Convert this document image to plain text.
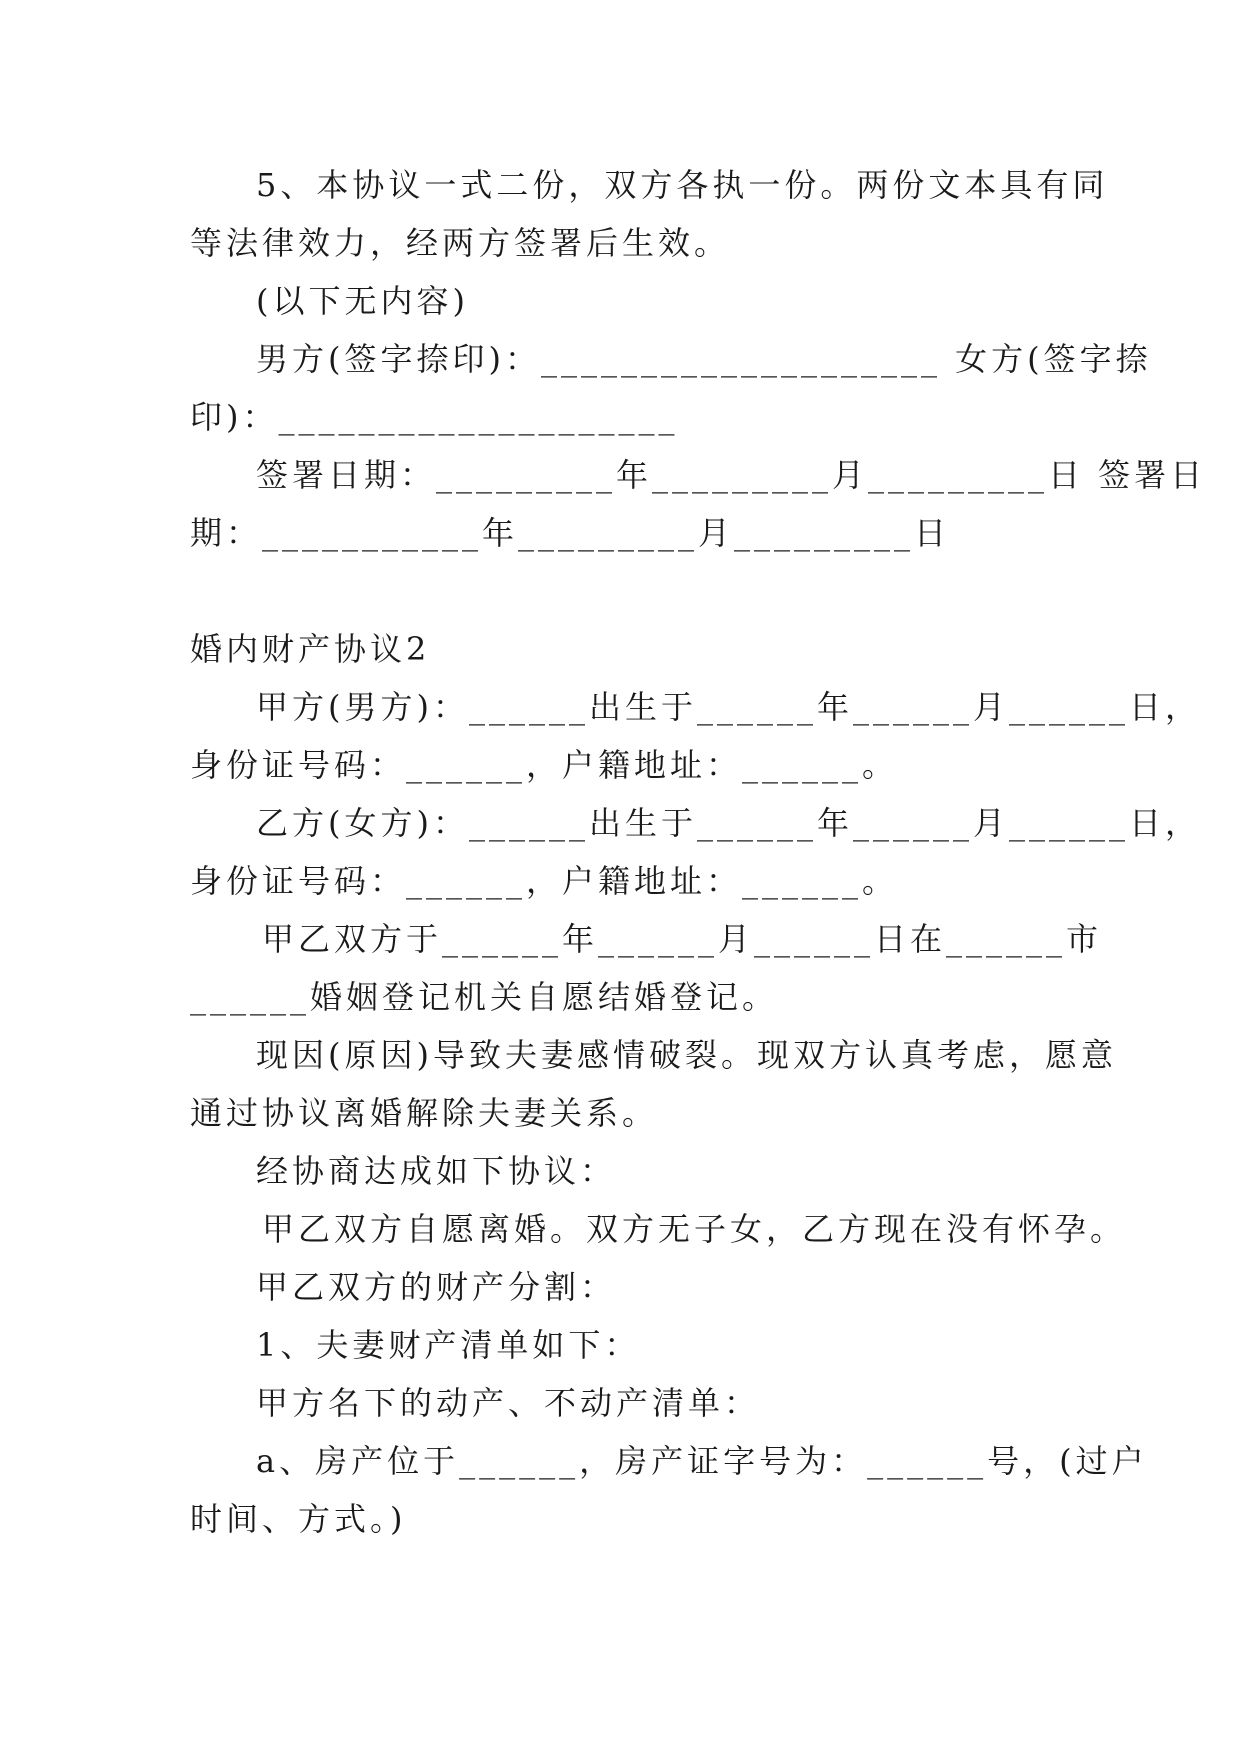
5、本协议一式二份，双方各执一份。两份文本具有同
等法律效力，经两方签署后生效。
(以下无内容)
男方(签字捺印)：____________________ 女方(签字捺
印)：____________________
签署日期：_________年_________月_________日 签署日
期：___________年_________月_________日
婚内财产协议2
甲方(男方)：______出生于______年______月______日，
身份证号码：______，户籍地址：______。
乙方(女方)：______出生于______年______月______日，
身份证号码：______，户籍地址：______。
甲乙双方于______年______月______日在______市
______婚姻登记机关自愿结婚登记。
现因(原因)导致夫妻感情破裂。现双方认真考虑，愿意
通过协议离婚解除夫妻关系。
经协商达成如下协议：
甲乙双方自愿离婚。双方无子女，乙方现在没有怀孕。
甲乙双方的财产分割：
1、夫妻财产清单如下：
甲方名下的动产、不动产清单：
a、房产位于______，房产证字号为：______号，(过户
时间、方式。)
